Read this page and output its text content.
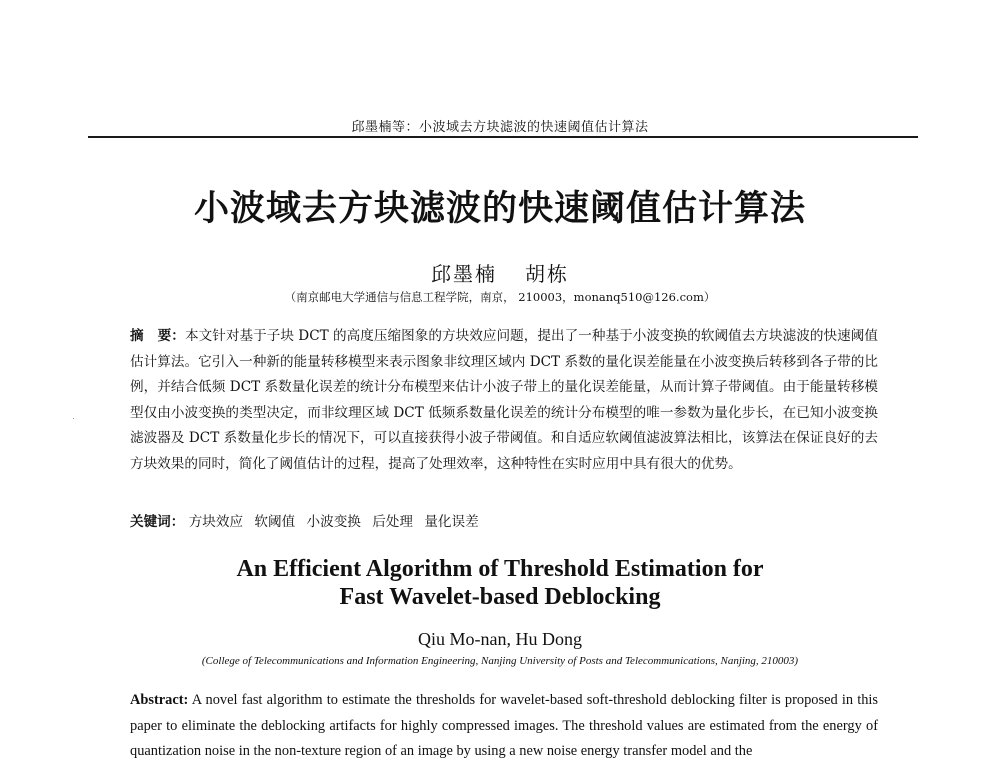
邱墨楠等：小波域去方块滤波的快速阈值估计算法
小波域去方块滤波的快速阈值估计算法
邱墨楠 胡栋
（南京邮电大学通信与信息工程学院，南京， 210003，monanq510@126.com）

摘 要：本文针对基于子块 DCT 的高度压缩图象的方块效应问题，提出了一种基于小波变换的软阈值去方块滤波的快速阈值估计算法。它引入一种新的能量转移模型来表示图象非纹理区域内 DCT 系数的量化误差能量在小波变换后转移到各子带的比例，并结合低频 DCT 系数量化误差的统计分布模型来估计小波子带上的量化误差能量，从而计算子带阈值。由于能量转移模型仅由小波变换的类型决定，而非纹理区域 DCT 低频系数量化误差的统计分布模型的唯一参数为量化步长，在已知小波变换滤波器及 DCT 系数量化步长的情况下，可以直接获得小波子带阈值。和自适应软阈值滤波算法相比，该算法在保证良好的去方块效果的同时，简化了阈值估计的过程，提高了处理效率，这种特性在实时应用中具有很大的优势。

关键词： 方块效应 软阈值 小波变换 后处理 量化误差
An Efficient Algorithm of Threshold Estimation for
Fast Wavelet-based Deblocking
Qiu Mo-nan, Hu Dong
(College of Telecommunications and Information Engineering, Nanjing University of Posts and Telecommunications, Nanjing, 210003)

Abstract: A novel fast algorithm to estimate the thresholds for wavelet-based soft-threshold deblocking filter is proposed in this paper to eliminate the deblocking artifacts for highly compressed images. The threshold values are estimated from the energy of quantization noise in the non-texture region of an image by using a new noise energy transfer model and the
